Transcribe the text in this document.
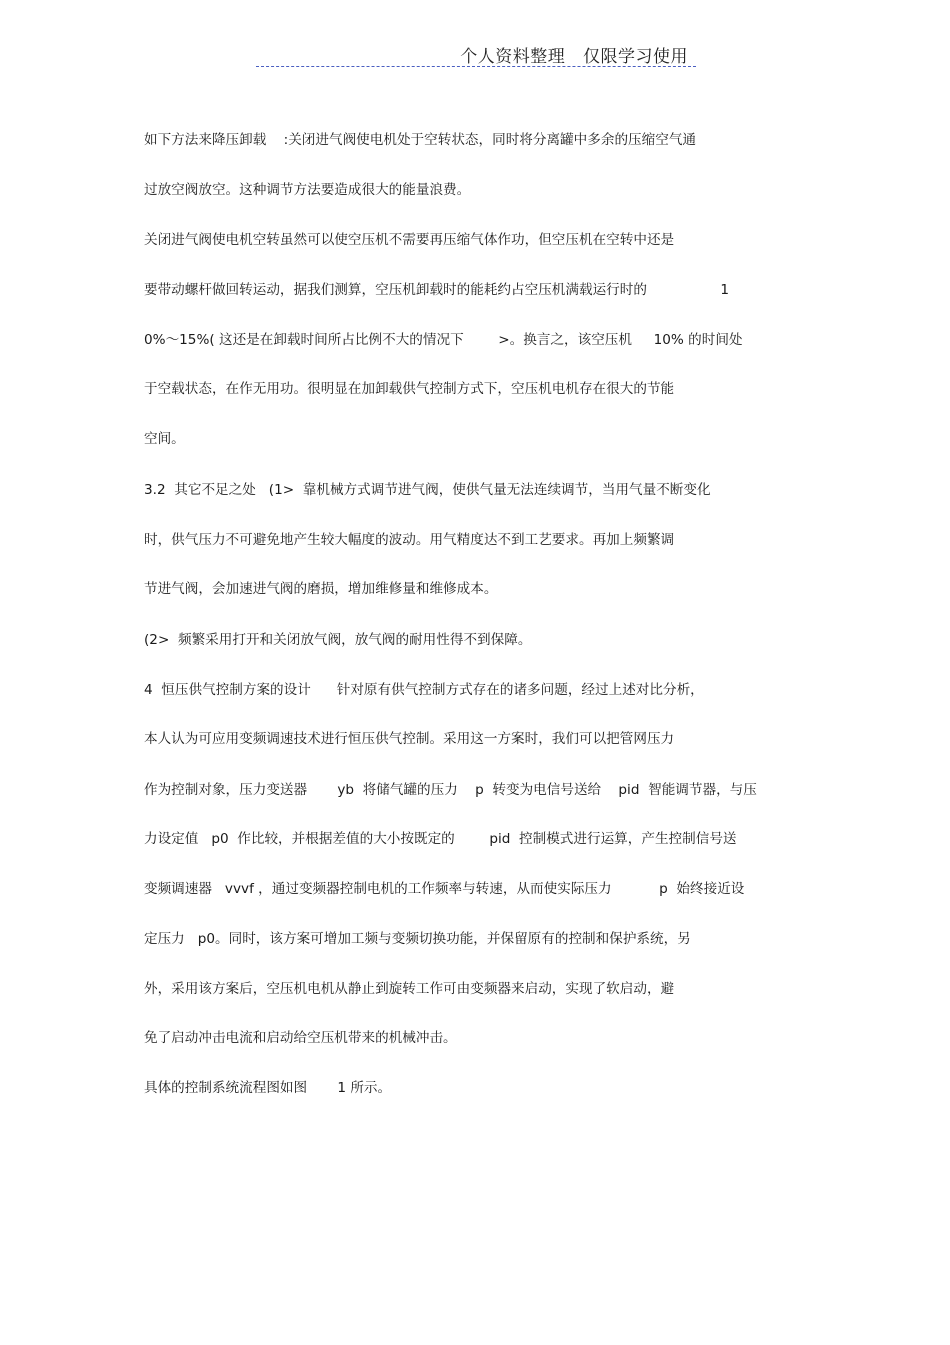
个人资料整理   仅限学习使用
如下方法来降压卸载    :关闭进气阀使电机处于空转状态，同时将分离罐中多余的压缩空气通
过放空阀放空。这种调节方法要造成很大的能量浪费。
关闭进气阀使电机空转虽然可以使空压机不需要再压缩气体作功，但空压机在空转中还是
要带动螺杆做回转运动，据我们测算，空压机卸载时的能耗约占空压机满载运行时的                 1
0%～15%( 这还是在卸载时间所占比例不大的情况下        >。换言之，该空压机     10% 的时间处
于空载状态，在作无用功。很明显在加卸载供气控制方式下，空压机电机存在很大的节能
空间。
3.2  其它不足之处   (1>  靠机械方式调节进气阀，使供气量无法连续调节，当用气量不断变化
时，供气压力不可避免地产生较大幅度的波动。用气精度达不到工艺要求。再加上频繁调
节进气阀，会加速进气阀的磨损，增加维修量和维修成本。
(2>  频繁采用打开和关闭放气阀，放气阀的耐用性得不到保障。
4  恒压供气控制方案的设计      针对原有供气控制方式存在的诸多问题，经过上述对比分析，
本人认为可应用变频调速技术进行恒压供气控制。采用这一方案时，我们可以把管网压力
作为控制对象，压力变送器       yb  将储气罐的压力    p  转变为电信号送给    pid  智能调节器，与压
力设定值   p0  作比较，并根据差值的大小按既定的        pid  控制模式进行运算，产生控制信号送
变频调速器   vvvf ，通过变频器控制电机的工作频率与转速，从而使实际压力           p  始终接近设
定压力   p0。同时，该方案可增加工频与变频切换功能，并保留原有的控制和保护系统，另
外，采用该方案后，空压机电机从静止到旋转工作可由变频器来启动，实现了软启动，避
免了启动冲击电流和启动给空压机带来的机械冲击。
具体的控制系统流程图如图       1 所示。
